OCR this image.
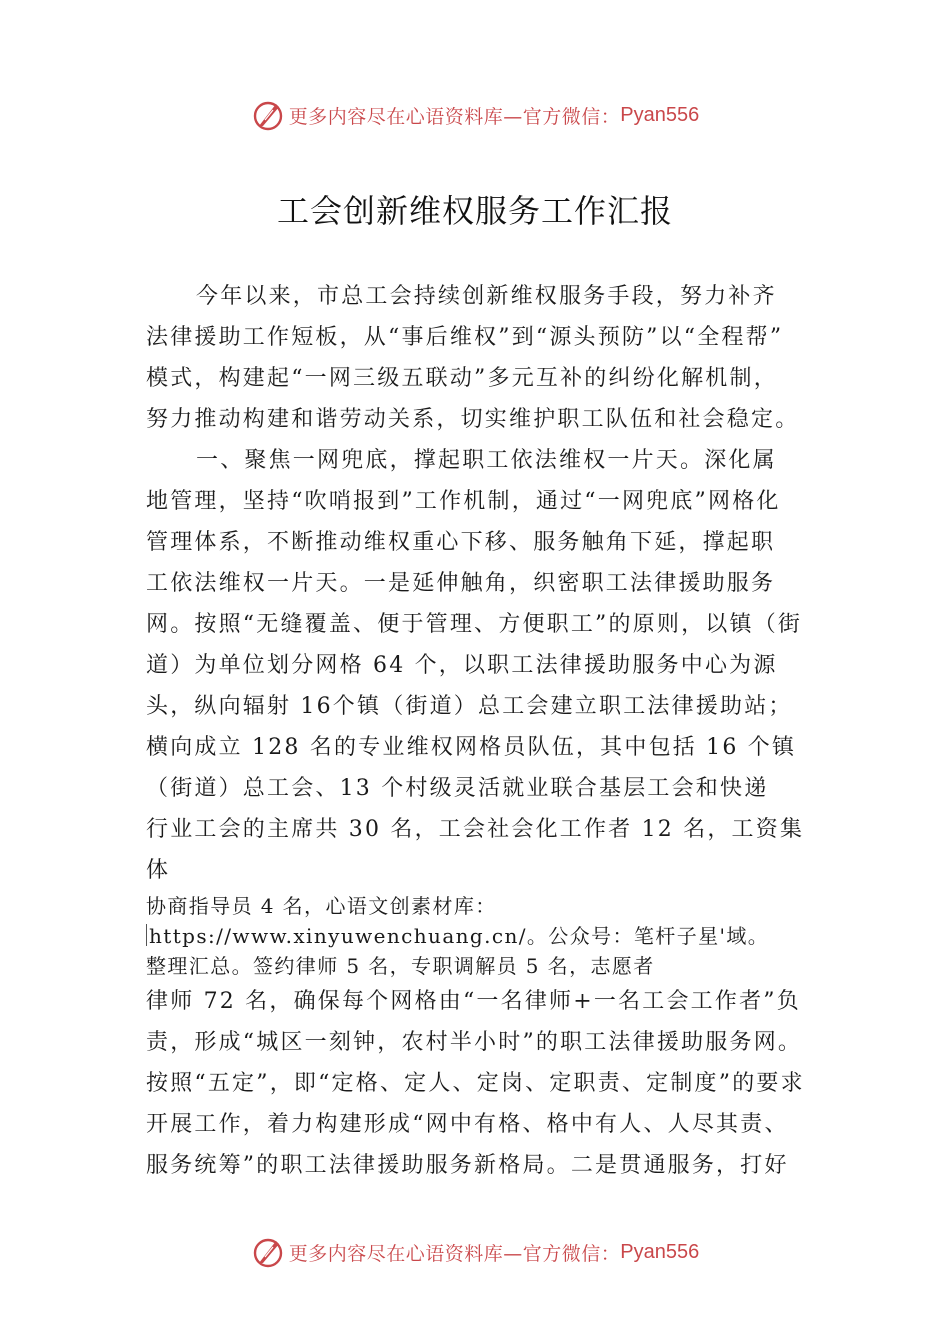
更多内容尽在心语资料库—官方微信： Pyan556
工会创新维权服务工作汇报
今年以来，市总工会持续创新维权服务手段，努力补齐
法律援助工作短板，从“事后维权”到“源头预防”以“全程帮”
模式，构建起“一网三级五联动”多元互补的纠纷化解机制，
努力推动构建和谐劳动关系，切实维护职工队伍和社会稳定。
一、聚焦一网兜底，撑起职工依法维权一片天。深化属
地管理，坚持“吹哨报到”工作机制，通过“一网兜底”网格化
管理体系，不断推动维权重心下移、服务触角下延，撑起职
工依法维权一片天。一是延伸触角，织密职工法律援助服务
网。按照“无缝覆盖、便于管理、方便职工”的原则，以镇（街
道）为单位划分网格 64 个，以职工法律援助服务中心为源
头，纵向辐射 16个镇（街道）总工会建立职工法律援助站；
横向成立 128 名的专业维权网格员队伍，其中包括 16 个镇
（街道）总工会、13 个村级灵活就业联合基层工会和快递
行业工会的主席共 30 名，工会社会化工作者 12 名，工资集
体
协商指导员 4 名，心语文创素材库：
https://www.xinyuwenchuang.cn/。公众号：笔杆子星'域。
整理汇总。签约律师 5 名，专职调解员 5 名，志愿者
律师 72 名，确保每个网格由“一名律师+一名工会工作者”负
责，形成“城区一刻钟，农村半小时”的职工法律援助服务网。
按照“五定”，即“定格、定人、定岗、定职责、定制度”的要求
开展工作，着力构建形成“网中有格、格中有人、人尽其责、
服务统筹”的职工法律援助服务新格局。二是贯通服务，打好
更多内容尽在心语资料库—官方微信： Pyan556
